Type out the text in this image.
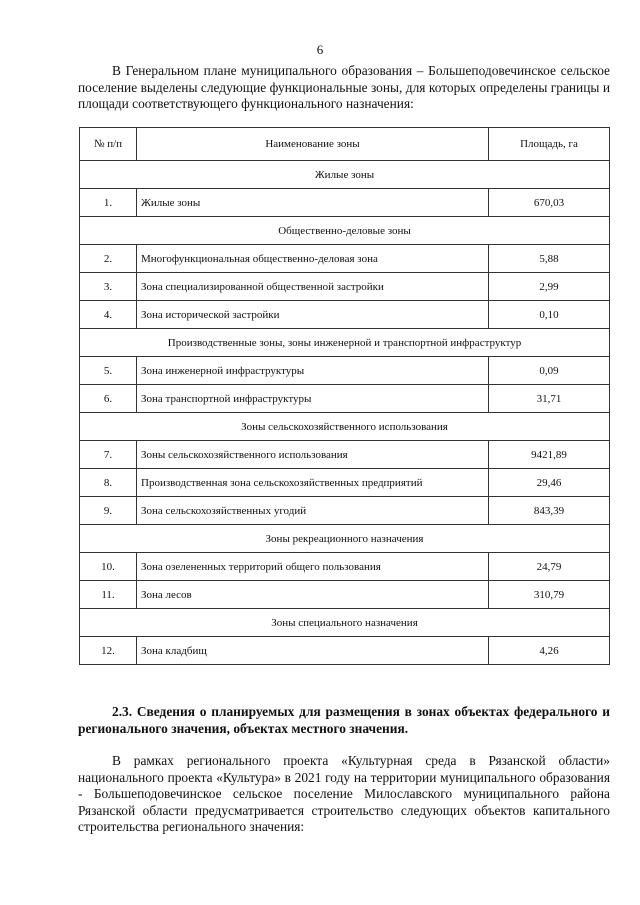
6

В Генеральном плане муниципального образования – Большеподовечинское сельское поселение выделены следующие функциональные зоны, для которых определены границы и площади соответствующего функционального назначения:

№ п/п	Наименование зоны	Площадь, га
Жилые зоны		
1.	Жилые зоны	670,03
Общественно-деловые зоны		
2.	Многофункциональная общественно-деловая зона	5,88
3.	Зона специализированной общественной застройки	2,99
4.	Зона исторической застройки	0,10
Производственные зоны, зоны инженерной и транспортной инфраструктур		
5.	Зона инженерной инфраструктуры	0,09
6.	Зона транспортной инфраструктуры	31,71
Зоны сельскохозяйственного использования		
7.	Зоны сельскохозяйственного использования	9421,89
8.	Производственная зона сельскохозяйственных предприятий	29,46
9.	Зона сельскохозяйственных угодий	843,39
Зоны рекреационного назначения		
10.	Зона озелененных территорий общего пользования	24,79
11.	Зона лесов	310,79
Зоны специального назначения		
12.	Зона кладбищ	4,26

2.3. Сведения о планируемых для размещения в зонах объектах федерального и регионального значения, объектах местного значения.

В рамках регионального проекта «Культурная среда в Рязанской области» национального проекта «Культура» в 2021 году на территории муниципального образования - Большеподовечинское сельское поселение Милославского муниципального района Рязанской области предусматривается строительство следующих объектов капитального строительства регионального значения:
